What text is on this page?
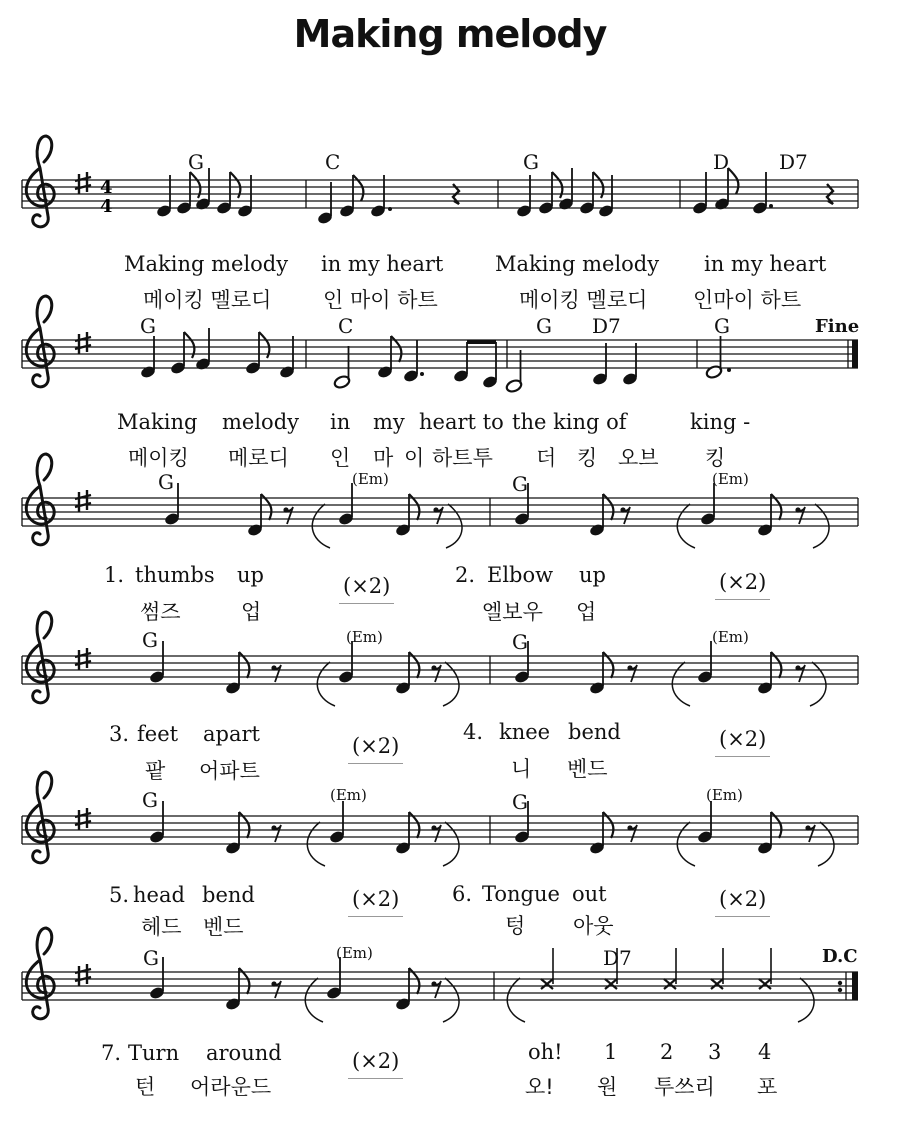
Making melody
4
4
G	C	G	D D7
G	C	G D7	G	Fine
G	(Em)	G	(Em)
G	(Em)	G	(Em)
G	(Em)	G	(Em)
G	(Em)	D7	D.C
Making melody in my heart Making melody in my heart
메이킹 멜로디 인 마이 하트	메이킹 멜로디 인마이 하트
Making melody in my heart to the king of	king -
메이킹 메로디 인 마 이 하트투 더 킹 오브 킹
1. thumbs up
썸즈	업
(×2)	2. Elbow up
엘보우 업
(×2)
3. feet apart
팥 어파트
(×2)
4. knee bend
니 벤드
(×2)
5. head bend
헤드 벤드
(×2)	6. Tongue out
텅 아웃
(×2)
7. Turn around
턴 어라운드
(×2)	oh! 1 2 3 4
오! 원 투쓰리 포
